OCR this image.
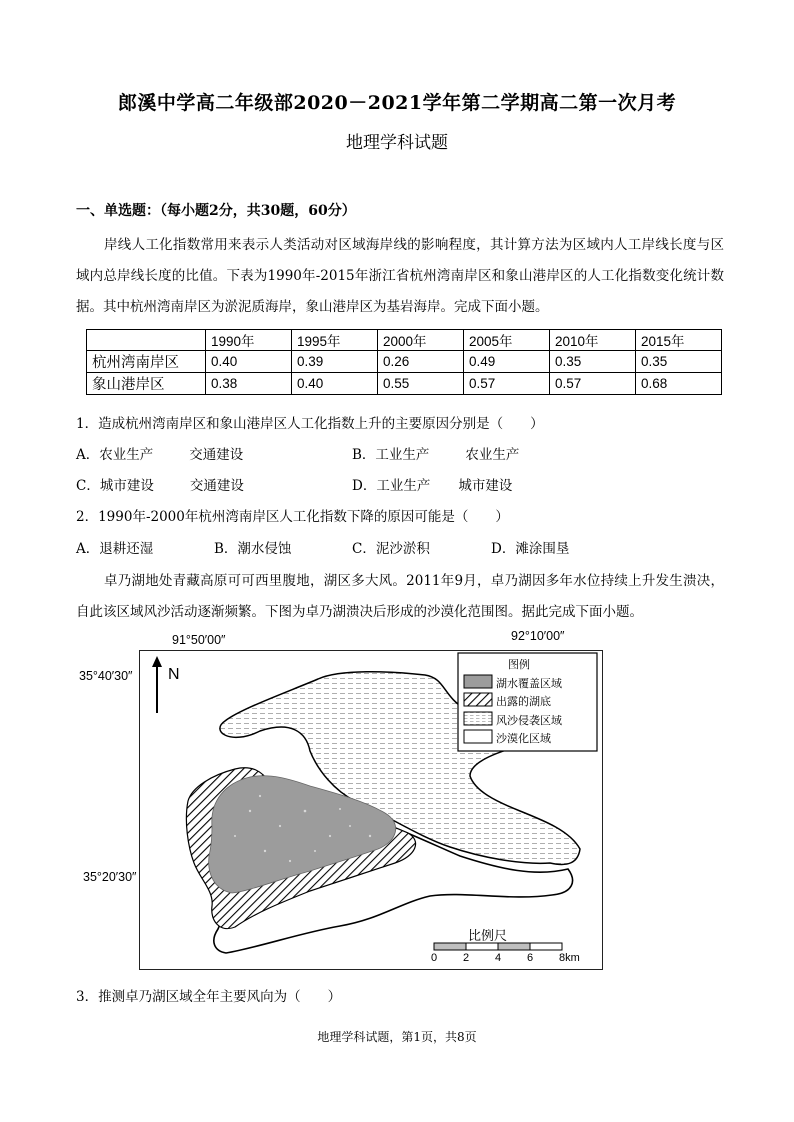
郎溪中学高二年级部2020－2021学年第二学期高二第一次月考
地理学科试题
一、单选题：（每小题2分，共30题，60分）
岸线人工化指数常用来表示人类活动对区域海岸线的影响程度，其计算方法为区域内人工岸线长度与区域内总岸线长度的比值。下表为1990年-2015年浙江省杭州湾南岸区和象山港岸区的人工化指数变化统计数据。其中杭州湾南岸区为淤泥质海岸，象山港岸区为基岩海岸。完成下面小题。
	1990年	1995年	2000年	2005年	2010年	2015年
杭州湾南岸区	0.40	0.39	0.26	0.49	0.35	0.35
象山港岸区	0.38	0.40	0.55	0.57	0.57	0.68
1．造成杭州湾南岸区和象山港岸区人工化指数上升的主要原因分别是（　　）
A．农业生产	交通建设	B．工业生产	农业生产
C．城市建设	交通建设	D．工业生产 城市建设
2．1990年-2000年杭州湾南岸区人工化指数下降的原因可能是（　　）
A．退耕还湿	B．潮水侵蚀	C．泥沙淤积	D．滩涂围垦
卓乃湖地处青藏高原可可西里腹地，湖区多大风。2011年9月，卓乃湖因多年水位持续上升发生溃决，自此该区域风沙活动逐渐频繁。下图为卓乃湖溃决后形成的沙漠化范围图。据此完成下面小题。
91°50′00″	92°10′00″
35°40′30″
35°20′30″
N
图例
湖水覆盖区域
出露的湖底
风沙侵袭区域
沙漠化区域
比例尺
0 2 4 6 8km
3．推测卓乃湖区域全年主要风向为（　　）
地理学科试题，第1页，共8页
